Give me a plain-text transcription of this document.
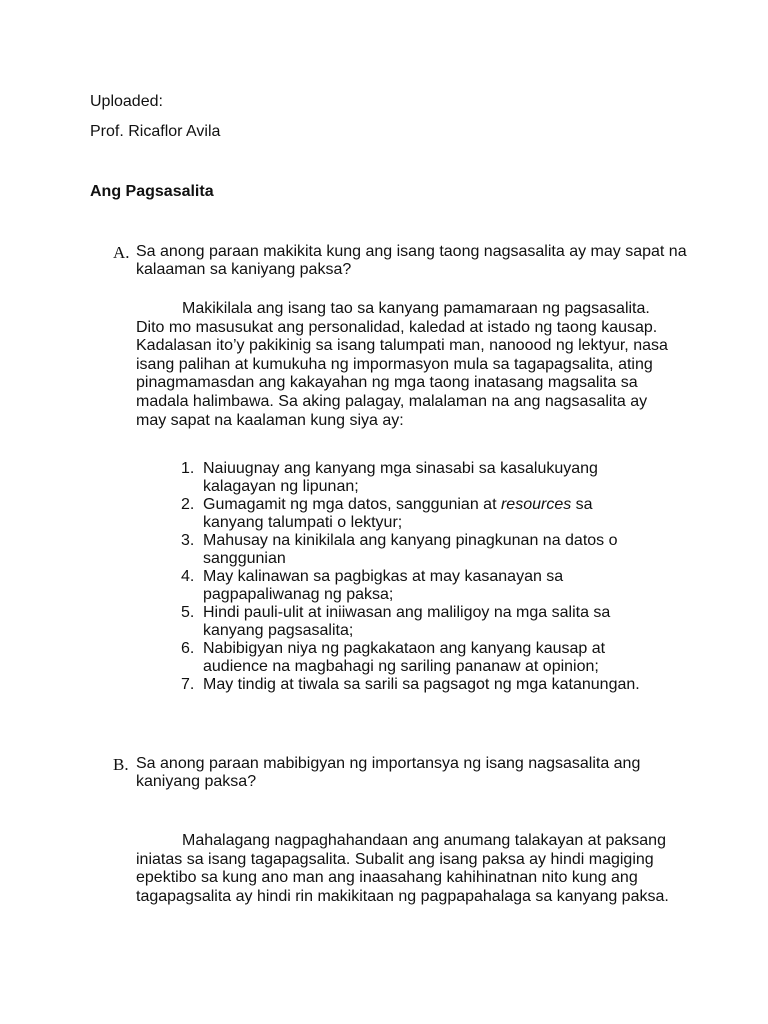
Uploaded:

Prof. Ricaflor Avila

Ang Pagsasalita

A. Sa anong paraan makikita kung ang isang taong nagsasalita ay may sapat na kalaaman sa kaniyang paksa?

Makikilala ang isang tao sa kanyang pamamaraan ng pagsasalita. Dito mo masusukat ang personalidad, kaledad at istado ng taong kausap. Kadalasan ito’y pakikinig sa isang talumpati man, nanoood ng lektyur, nasa isang palihan at kumukuha ng impormasyon mula sa tagapagsalita, ating pinagmamasdan ang kakayahan ng mga taong inatasang magsalita sa madala halimbawa. Sa aking palagay, malalaman na ang nagsasalita ay may sapat na kaalaman kung siya ay:

1. Naiuugnay ang kanyang mga sinasabi sa kasalukuyang kalagayan ng lipunan;
2. Gumagamit ng mga datos, sanggunian at resources sa kanyang talumpati o lektyur;
3. Mahusay na kinikilala ang kanyang pinagkunan na datos o sanggunian
4. May kalinawan sa pagbigkas at may kasanayan sa pagpapaliwanag ng paksa;
5. Hindi pauli-ulit at iniiwasan ang maliligoy na mga salita sa kanyang pagsasalita;
6. Nabibigyan niya ng pagkakataon ang kanyang kausap at audience na magbahagi ng sariling pananaw at opinion;
7. May tindig at tiwala sa sarili sa pagsagot ng mga katanungan.
B. Sa anong paraan mabibigyan ng importansya ng isang nagsasalita ang kaniyang paksa?

Mahalagang nagpaghahandaan ang anumang talakayan at paksang iniatas sa isang tagapagsalita. Subalit ang isang paksa ay hindi magiging epektibo sa kung ano man ang inaasahang kahihinatnan nito kung ang tagapagsalita ay hindi rin makikitaan ng pagpapahalaga sa kanyang paksa.
